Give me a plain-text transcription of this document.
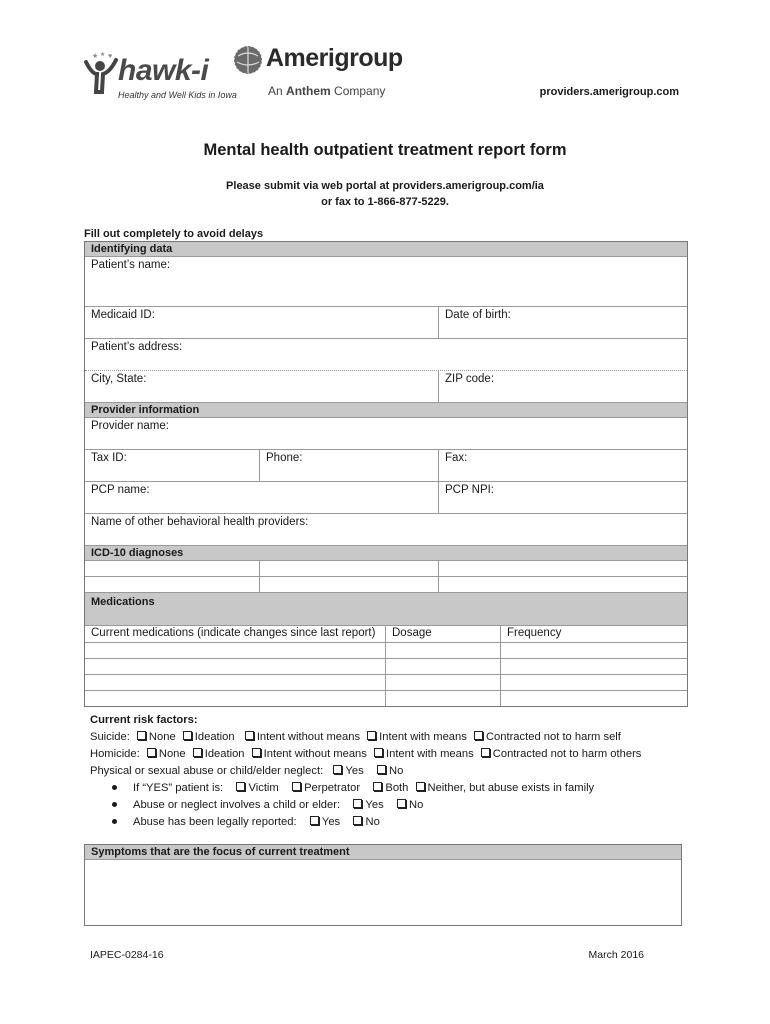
★ ★ ♥ hawk-i
Healthy and Well Kids in Iowa
Amerigroup
An Anthem Company	providers.amerigroup.com
Mental health outpatient treatment report form
Please submit via web portal at providers.amerigroup.com/ia
or fax to 1-866-877-5229.
Fill out completely to avoid delays
Identifying data
Patient’s name:
Medicaid ID:	Date of birth:
Patient’s address:
City, State:	ZIP code:
Provider information
Provider name:
Tax ID:	Phone:	Fax:
PCP name:	PCP NPI:
Name of other behavioral health providers:
ICD-10 diagnoses
Medications
Current medications (indicate changes since last report)	Dosage	Frequency
Current risk factors:
Suicide: None Ideation Intent without means Intent with means Contracted not to harm self
Homicide: None Ideation Intent without means Intent with means Contracted not to harm others
Physical or sexual abuse or child/elder neglect: Yes No
If “YES” patient is: Victim Perpetrator Both Neither, but abuse exists in family
Abuse or neglect involves a child or elder: Yes No
Abuse has been legally reported: Yes No
Symptoms that are the focus of current treatment
IAPEC-0284-16	March 2016
